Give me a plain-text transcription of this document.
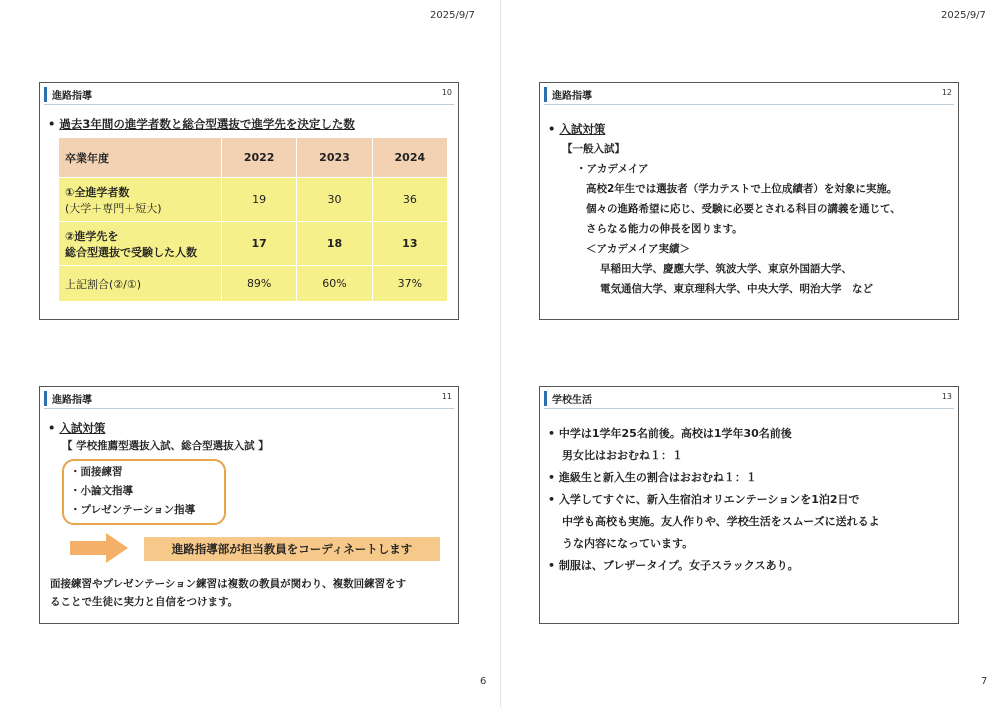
2025/9/7
進路指導	10
• 過去3年間の進学者数と総合型選抜で進学先を決定した数
卒業年度	2022	2023	2024

①全進学者数
(大学＋専門＋短大)	19	30	36

②進学先を
総合型選抜で受験した人数	17	18	13
上記割合(②/①)	89%	60%	37%
進路指導	11
• 入試対策
【 学校推薦型選抜入試、総合型選抜入試 】
・面接練習
・小論文指導
・プレゼンテーション指導
進路指導部が担当教員をコーディネートします
面接練習やプレゼンテーション練習は複数の教員が関わり、複数回練習をす
ることで生徒に実力と自信をつけます。
6
2025/9/7
進路指導	12
• 入試対策
【一般入試】
・アカデメイア
高校2年生では選抜者（学力テストで上位成績者）を対象に実施。
個々の進路希望に応じ、受験に必要とされる科目の講義を通じて、
さらなる能力の伸長を図ります。
＜アカデメイア実績＞
早稲田大学、慶應大学、筑波大学、東京外国語大学、
電気通信大学、東京理科大学、中央大学、明治大学　など
学校生活	13
• 中学は1学年25名前後。高校は1学年30名前後
男女比はおおむね１：１
• 進級生と新入生の割合はおおむね１：１
• 入学してすぐに、新入生宿泊オリエンテーションを1泊2日で
中学も高校も実施。友人作りや、学校生活をスムーズに送れるよ
うな内容になっています。
• 制服は、ブレザータイプ。女子スラックスあり。
7
